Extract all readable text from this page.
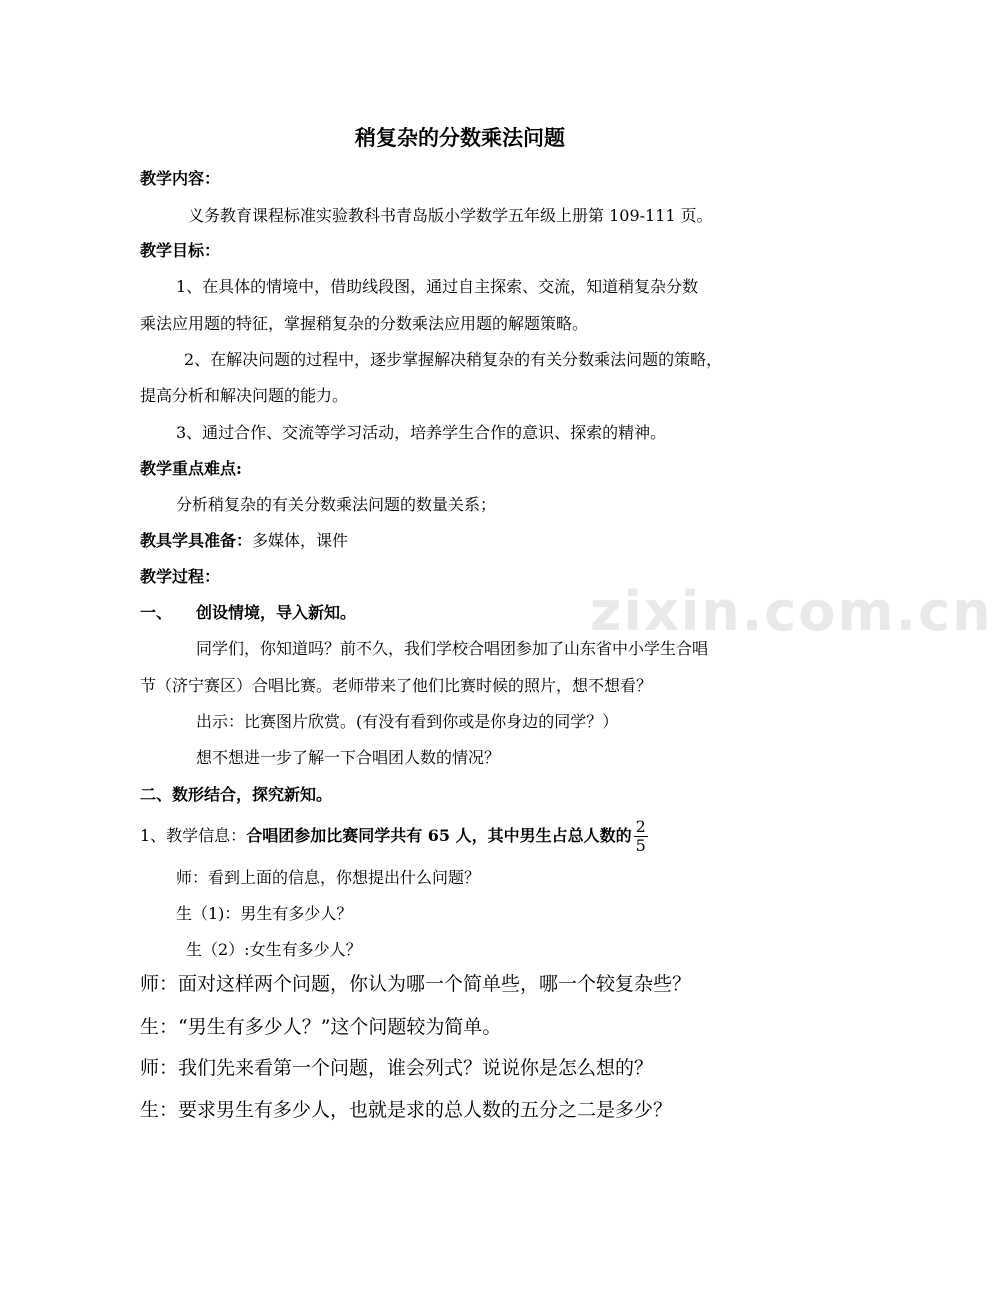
zixin.com.cn
稍复杂的分数乘法问题
教学内容：
义务教育课程标准实验教科书青岛版小学数学五年级上册第 109-111 页。
教学目标：
1、在具体的情境中，借助线段图，通过自主探索、交流，知道稍复杂分数
乘法应用题的特征，掌握稍复杂的分数乘法应用题的解题策略。
2、在解决问题的过程中，逐步掌握解决稍复杂的有关分数乘法问题的策略，
提高分析和解决问题的能力。
3、通过合作、交流等学习活动，培养学生合作的意识、探索的精神。
教学重点难点:
分析稍复杂的有关分数乘法问题的数量关系；
教具学具准备：多媒体，课件
教学过程：
一、 创设情境，导入新知。
同学们，你知道吗？前不久，我们学校合唱团参加了山东省中小学生合唱
节（济宁赛区）合唱比赛。老师带来了他们比赛时候的照片，想不想看？
出示：比赛图片欣赏。(有没有看到你或是你身边的同学？）
想不想进一步了解一下合唱团人数的情况？
二、数形结合，探究新知。
1、教学信息：合唱团参加比赛同学共有 65 人，其中男生占总人数的 $\frac{2}{5}$
师：看到上面的信息，你想提出什么问题？
生（1)：男生有多少人？
生（2）:女生有多少人？
师：面对这样两个问题，你认为哪一个简单些，哪一个较复杂些？
生：“男生有多少人？”这个问题较为简单。
师：我们先来看第一个问题，谁会列式？说说你是怎么想的？
生：要求男生有多少人，也就是求的总人数的五分之二是多少？
